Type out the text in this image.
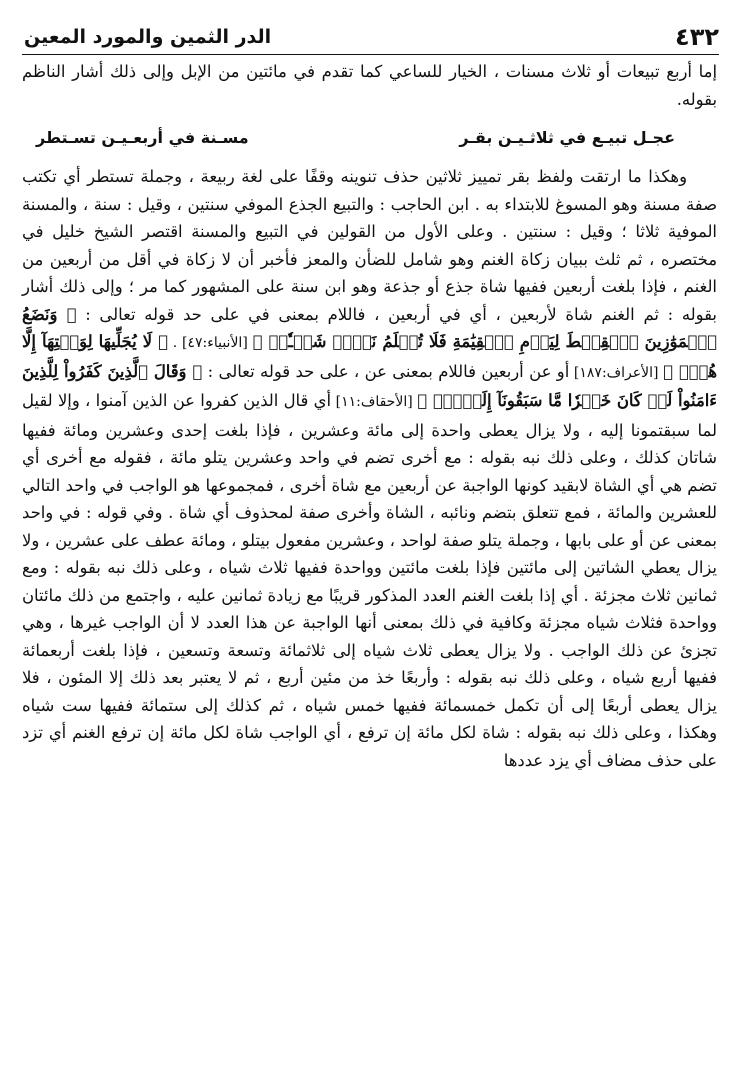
٤٣٢
الدر الثمين والمورد المعين

إما أربع تبيعات أو ثلاث مسنات ، الخيار للساعي كما تقدم في مائتين من الإبل وإلى ذلك أشار الناظم بقوله.

عجـل تبيـع في ثلاثـيـن بقـر
مسـنة في أربعـيـن تسـتطر

وهكذا ما ارتقت ولفظ بقر تمييز ثلاثين حذف تنوينه وقفًا على لغة ربيعة ، وجملة تستطر أي تكتب صفة مسنة وهو المسوغ للابتداء به . ابن الحاجب : والتبيع الجذع الموفي سنتين ، وقيل : سنة ، والمسنة الموفية ثلاثا ؛ وقيل : سنتين . وعلى الأول من القولين في التبيع والمسنة اقتصر الشيخ خليل في مختصره ، ثم ثلث ببيان زكاة الغنم وهو شامل للضأن والمعز فأخبر أن لا زكاة في أقل من أربعين من الغنم ، فإذا بلغت أربعين ففيها شاة جذع أو جذعة وهو ابن سنة على المشهور كما مر ؛ وإلى ذلك أشار بقوله : ثم الغنم شاة لأربعين ، أي في أربعين ، فاللام بمعنى في على حد قوله تعالى : ﴿ وَنَضَعُ ٱلۡمَوَٰزِينَ ٱلۡقِسۡطَ لِيَوۡمِ ٱلۡقِيَٰمَةِ فَلَا تُظۡلَمُ نَفۡسٞ شَيۡـٔٗاۖ ﴾ [الأنبياء:٤٧] . ﴿ لَا يُجَلِّيهَا لِوَقۡتِهَآ إِلَّا هُوَۚ ﴾ [الأعراف:١٨٧] أو عن أربعين فاللام بمعنى عن ، على حد قوله تعالى : ﴿ وَقَالَ ٱلَّذِينَ كَفَرُواْ لِلَّذِينَ ءَامَنُواْ لَوۡ كَانَ خَيۡرٗا مَّا سَبَقُونَآ إِلَيۡهِۚ ﴾ [الأحقاف:١١] أي قال الذين كفروا عن الذين آمنوا ، وإلا لقيل لما سبقتمونا إليه ، ولا يزال يعطى واحدة إلى مائة وعشرين ، فإذا بلغت إحدى وعشرين ومائة ففيها شاتان كذلك ، وعلى ذلك نبه بقوله : مع أخرى تضم في واحد وعشرين يتلو مائة ، فقوله مع أخرى أي تضم هي أي الشاة لابقيد كونها الواجبة عن أربعين مع شاة أخرى ، فمجموعها هو الواجب في واحد التالي للعشرين والمائة ، فمع تتعلق بتضم ونائبه ، الشاة وأخرى صفة لمحذوف أي شاة . وفي قوله : في واحد بمعنى عن أو على بابها ، وجملة يتلو صفة لواحد ، وعشرين مفعول بيتلو ، ومائة عطف على عشرين ، ولا يزال يعطي الشاتين إلى مائتين فإذا بلغت مائتين وواحدة ففيها ثلاث شياه ، وعلى ذلك نبه بقوله : ومع ثمانين ثلاث مجزئة . أي إذا بلغت الغنم العدد المذكور قريبًا مع زيادة ثمانين عليه ، واجتمع من ذلك مائتان وواحدة فثلاث شياه مجزئة وكافية في ذلك بمعنى أنها الواجبة عن هذا العدد لا أن الواجب غيرها ، وهي تجزئ عن ذلك الواجب . ولا يزال يعطى ثلاث شياه إلى ثلاثمائة وتسعة وتسعين ، فإذا بلغت أربعمائة ففيها أربع شياه ، وعلى ذلك نبه بقوله : وأربعًا خذ من مئين أربع ، ثم لا يعتبر بعد ذلك إلا المئون ، فلا يزال يعطى أربعًا إلى أن تكمل خمسمائة ففيها خمس شياه ، ثم كذلك إلى ستمائة ففيها ست شياه وهكذا ، وعلى ذلك نبه بقوله : شاة لكل مائة إن ترفع ، أي الواجب شاة لكل مائة إن ترفع الغنم أي تزد على حذف مضاف أي يزد عددها
